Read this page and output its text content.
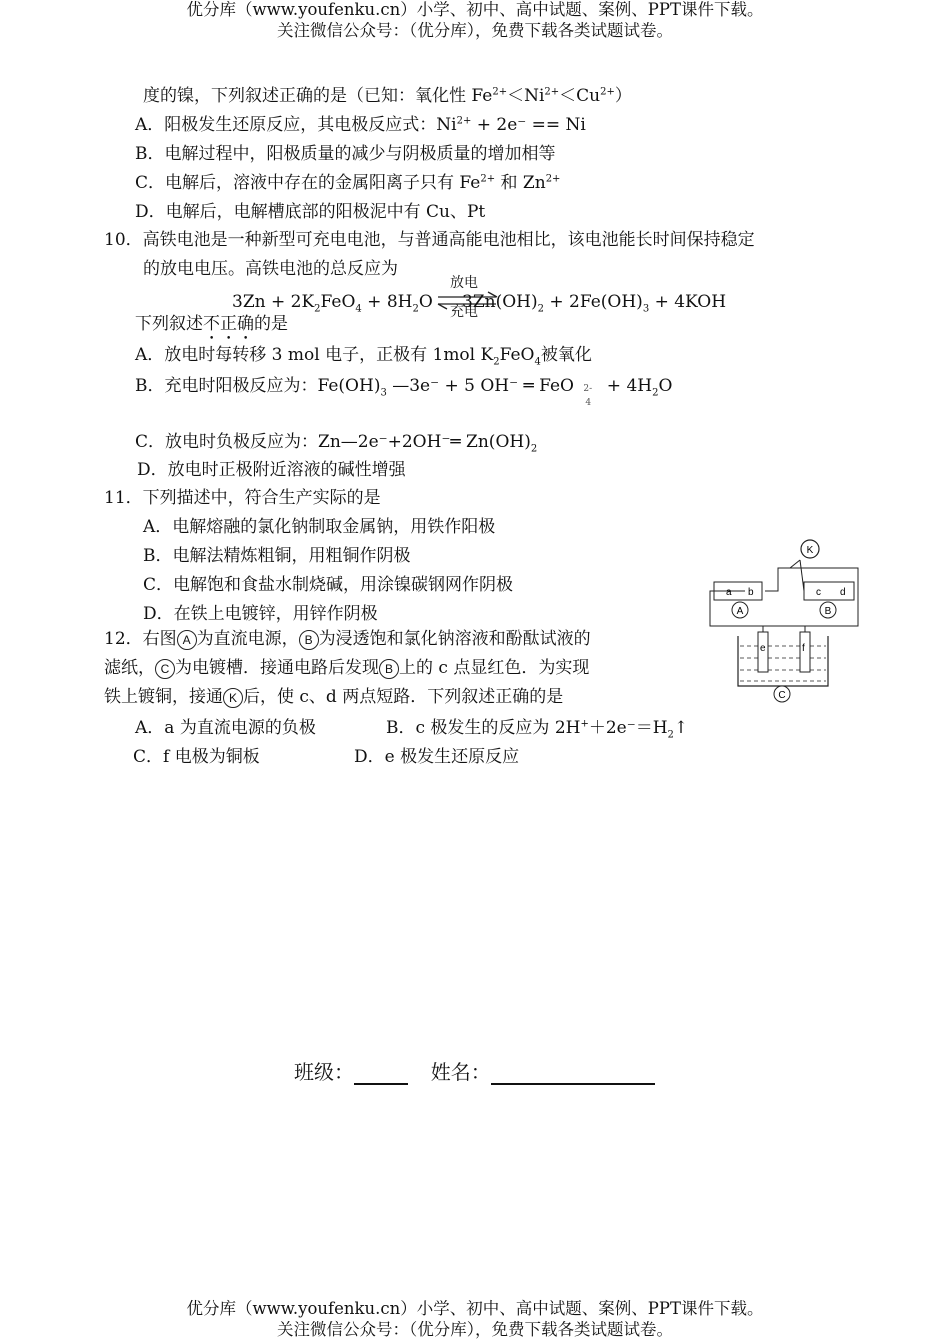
优分库（www.youfenku.cn）小学、初中、高中试题、案例、PPT课件下载。
关注微信公众号：（优分库），免费下载各类试题试卷。
度的镍，下列叙述正确的是（已知：氧化性 $Fe^{2+}<Ni^{2+}<Cu^{2+}$）
A．阳极发生还原反应，其电极反应式：$Ni^{2+} + 2e^- == Ni$
B．电解过程中，阳极质量的减少与阴极质量的增加相等
C．电解后，溶液中存在的金属阳离子只有 $Fe^{2+}$ 和 $Zn^{2+}$
D．电解后，电解槽底部的阳极泥中有 Cu、Pt
10．高铁电池是一种新型可充电电池，与普通高能电池相比，该电池能长时间保持稳定
的放电电压。高铁电池的总反应为
$3Zn + 2K_2FeO_4 + 8H_2O$
放电
充电
$3Zn(OH)_2 + 2Fe(OH)_3 + 4KOH$
下列叙述不正确的是
A．放电时每转移 3 mol 电子，正极有 1mol $K_2FeO_4$被氧化
B．充电时阳极反应为：$Fe(OH)_3$ —3e⁻ + 5 OH⁻ ═ FeO 2-
4
+ $4H_2O$
C．放电时负极反应为：Zn—2e⁻+2OH⁻═ $Zn(OH)_2$
D．放电时正极附近溶液的碱性增强
11．下列描述中，符合生产实际的是
A．电解熔融的氯化钠制取金属钠，用铁作阳极
B．电解法精炼粗铜，用粗铜作阴极
C．电解饱和食盐水制烧碱，用涂镍碳钢网作阴极
D．在铁上电镀锌，用锌作阴极
12．右图 A 为直流电源， B 为浸透饱和氯化钠溶液和酚酞试液的
滤纸， C 为电镀槽．接通电路后发现 B 上的 c 点显红色．为实现
铁上镀铜，接通 K 后，使 c、d 两点短路．下列叙述正确的是
A．a 为直流电源的负极	B．c 极发生的反应为 $2H^++2e^-=H_2↑$
C．f 电极为铜板	D．e 极发生还原反应
K
a b
A
c d
B
e	f
C
班级：	姓名：
优分库（www.youfenku.cn）小学、初中、高中试题、案例、PPT课件下载。
关注微信公众号：（优分库），免费下载各类试题试卷。
